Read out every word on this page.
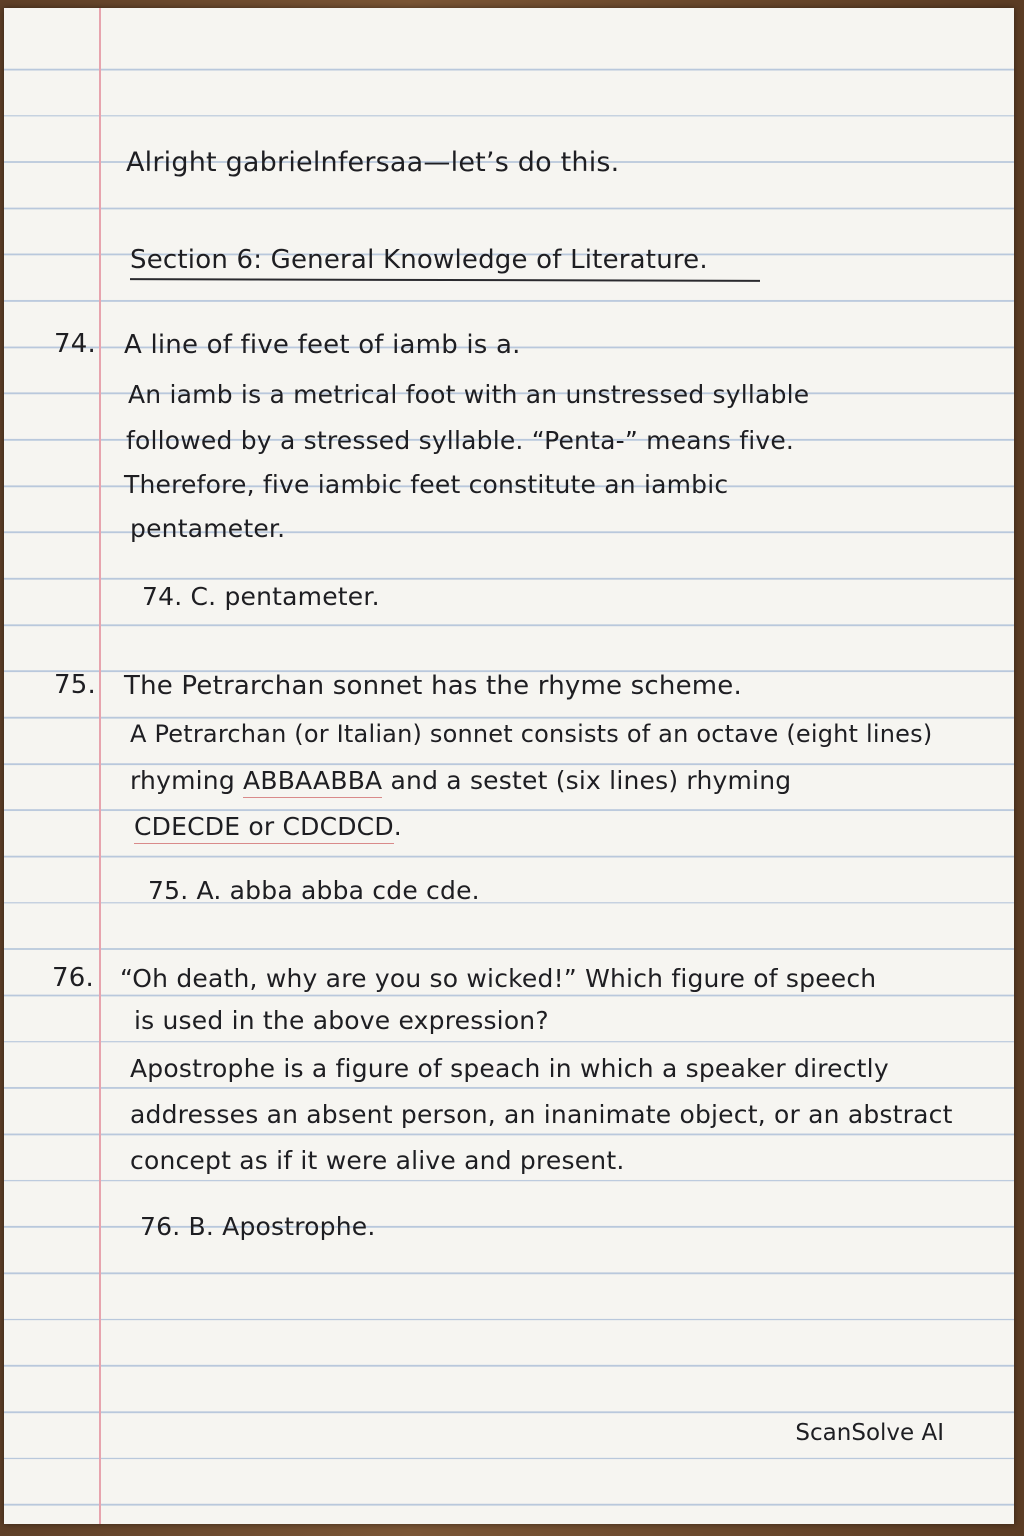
Alright gabrielnfersaa—let’s do this.

Section 6: General Knowledge of Literature.

74. A line of five feet of iamb is a.

An iamb is a metrical foot with an unstressed syllable

followed by a stressed syllable. “Penta-” means five.

Therefore, five iambic feet constitute an iambic

pentameter.

74. C. pentameter.

75. The Petrarchan sonnet has the rhyme scheme.

A Petrarchan (or Italian) sonnet consists of an octave (eight lines)

rhyming ABBAABBA and a sestet (six lines) rhyming

CDECDE or CDCDCD.

75. A. abba abba cde cde.

76. “Oh death, why are you so wicked!” Which figure of speech

is used in the above expression?

Apostrophe is a figure of speach in which a speaker directly

addresses an absent person, an inanimate object, or an abstract

concept as if it were alive and present.

76. B. Apostrophe.

ScanSolve AI
